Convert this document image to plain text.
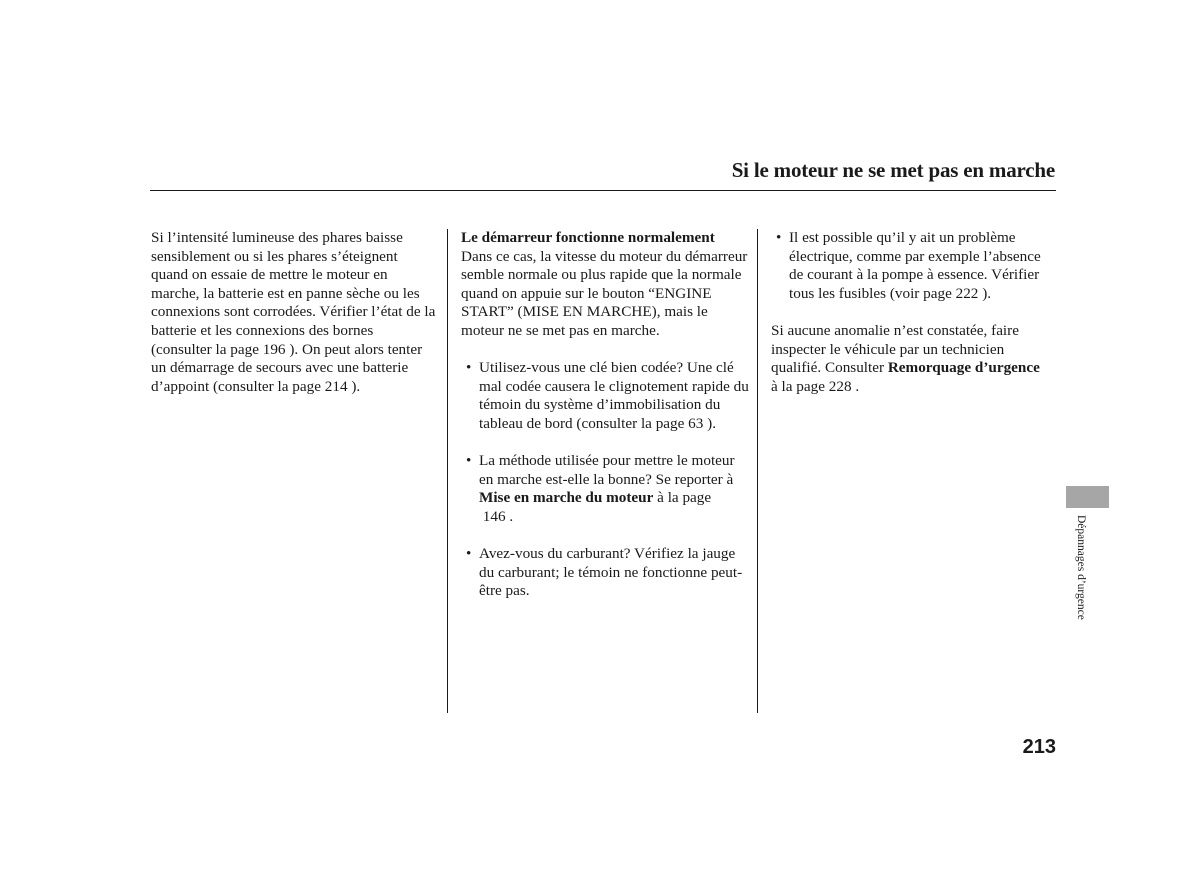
Si le moteur ne se met pas en marche

Si l’intensité lumineuse des phares baisse sensiblement ou si les phares s’éteignent quand on essaie de mettre le moteur en marche, la batterie est en panne sèche ou les connexions sont corrodées. Vérifier l’état de la batterie et les connexions des bornes (consulter la page 196 ). On peut alors tenter un démarrage de secours avec une batterie d’appoint (consulter la page 214 ).

Le démarreur fonctionne normalement

Dans ce cas, la vitesse du moteur du démarreur semble normale ou plus rapide que la normale quand on appuie sur le bouton “ENGINE START” (MISE EN MARCHE), mais le moteur ne se met pas en marche.

• Utilisez-vous une clé bien codée? Une clé mal codée causera le clignotement rapide du témoin du système d’immobilisation du tableau de bord (consulter la page 63 ).

• La méthode utilisée pour mettre le moteur en marche est-elle la bonne? Se reporter à Mise en marche du moteur à la page
146 .

• Avez-vous du carburant? Vérifiez la jauge du carburant; le témoin ne fonctionne peut-être pas.

• Il est possible qu’il y ait un problème électrique, comme par exemple l’absence de courant à la pompe à essence. Vérifier tous les fusibles (voir page 222 ).

Si aucune anomalie n’est constatée, faire inspecter le véhicule par un technicien qualifié. Consulter Remorquage d’urgence
à la page 228 .

Dépannages d’urgence
213
